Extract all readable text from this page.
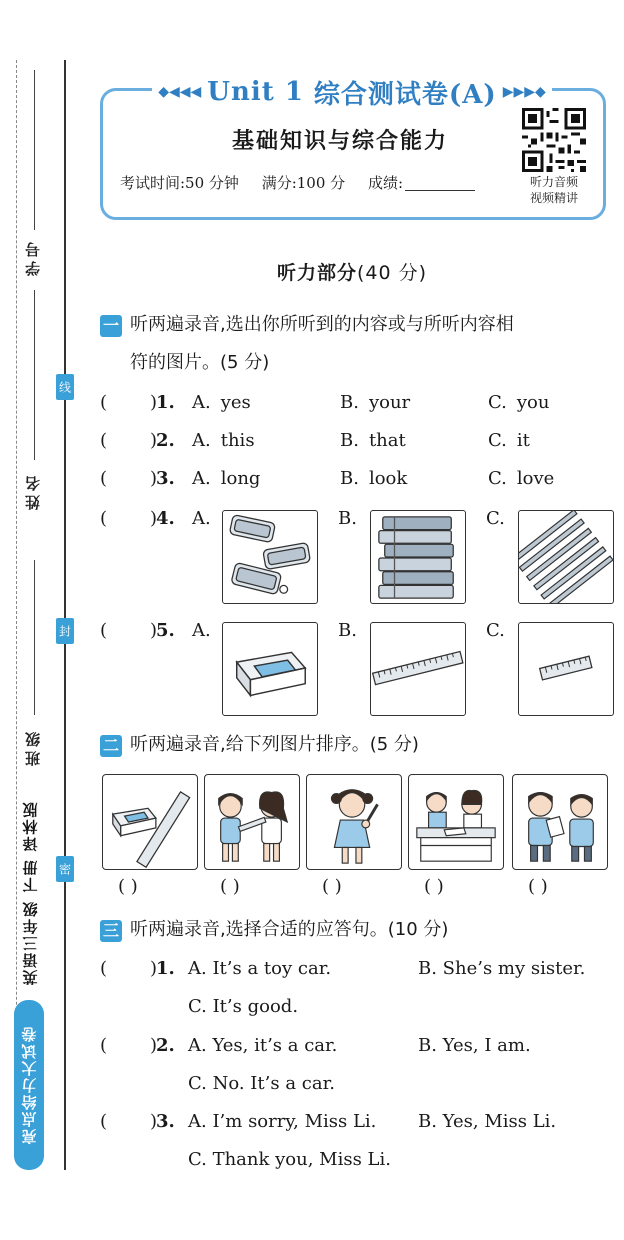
学号
姓名
班级
线
封
密
英语三年级 下册 译林版
亮点给力大试卷
◆◀◀◀ Unit 1 综合测试卷(A) ▶▶▶◆
基础知识与综合能力
考试时间:50 分钟 满分:100 分 成绩:	听力音频
视频精讲
听力部分(40 分)
一 听两遍录音,选出你所听到的内容或与所听内容相
符的图片。(5 分)
( )
1. A. yes	B. your	C. you
( )
2. A. this	B. that	C. it
( )
3. A. long	B. look	C. love
( )
4. A.	B.	C.
( )
5. A.	B.	C.
二 听两遍录音,给下列图片排序。(5 分)
( )	( )	( )	( )	( )
三 听两遍录音,选择合适的应答句。(10 分)
( )
1. A. It’s a toy car.	B. She’s my sister.
C. It’s good.
( )
2. A. Yes, it’s a car.	B. Yes, I am.
C. No. It’s a car.
( )
3. A. I’m sorry, Miss Li. B. Yes, Miss Li.
C. Thank you, Miss Li.
